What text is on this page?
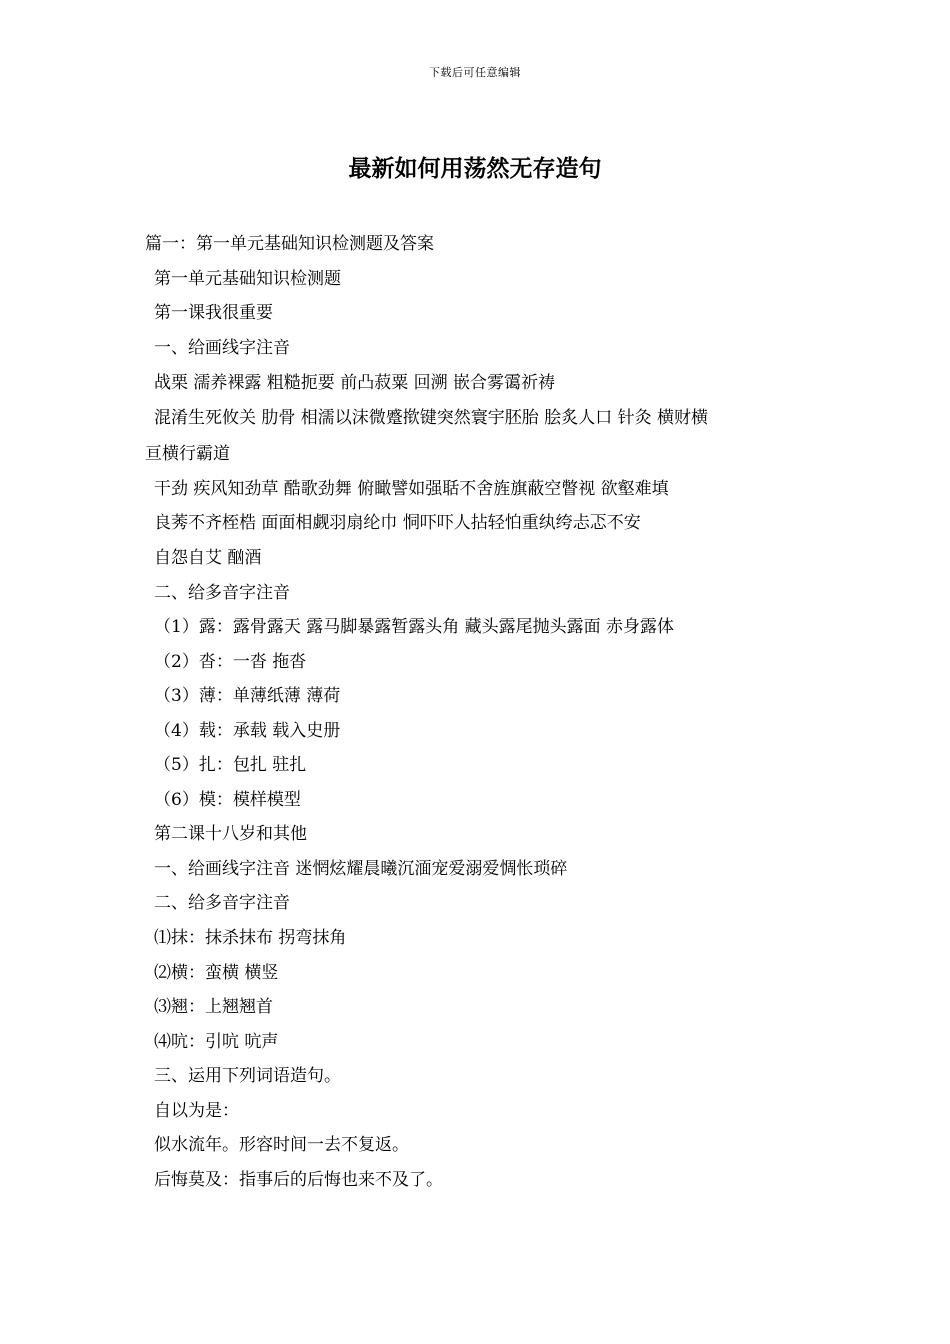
下载后可任意编辑
最新如何用荡然无存造句
篇一：第一单元基础知识检测题及答案
第一单元基础知识检测题
第一课我很重要
一、给画线字注音
战栗 濡养裸露 粗糙扼要 前凸菽粟 回溯 嵌合雾霭祈祷
混淆生死攸关 肋骨 相濡以沫微蹙揿键突然寰宇胚胎 脍炙人口 针灸 横财横
亘横行霸道
干劲 疾风知劲草 酷歌劲舞 俯瞰譬如强聒不舍旌旗蔽空瞥视 欲壑难填
良莠不齐桎梏 面面相觑羽扇纶巾 恫吓吓人拈轻怕重纨绔忐忑不安
自怨自艾 酗酒
二、给多音字注音
（1）露：露骨露天 露马脚暴露暂露头角 藏头露尾抛头露面 赤身露体
（2）沓：一沓 拖沓
（3）薄：单薄纸薄 薄荷
（4）载：承载 载入史册
（5）扎：包扎 驻扎
（6）模：模样模型
第二课十八岁和其他
一、给画线字注音 迷惘炫耀晨曦沉湎宠爱溺爱惆怅琐碎
二、给多音字注音
⑴抹：抹杀抹布 拐弯抹角
⑵横：蛮横 横竖
⑶翘：上翘翘首
⑷吭：引吭 吭声
三、运用下列词语造句。
自以为是：
似水流年。形容时间一去不复返。
后悔莫及：指事后的后悔也来不及了。
